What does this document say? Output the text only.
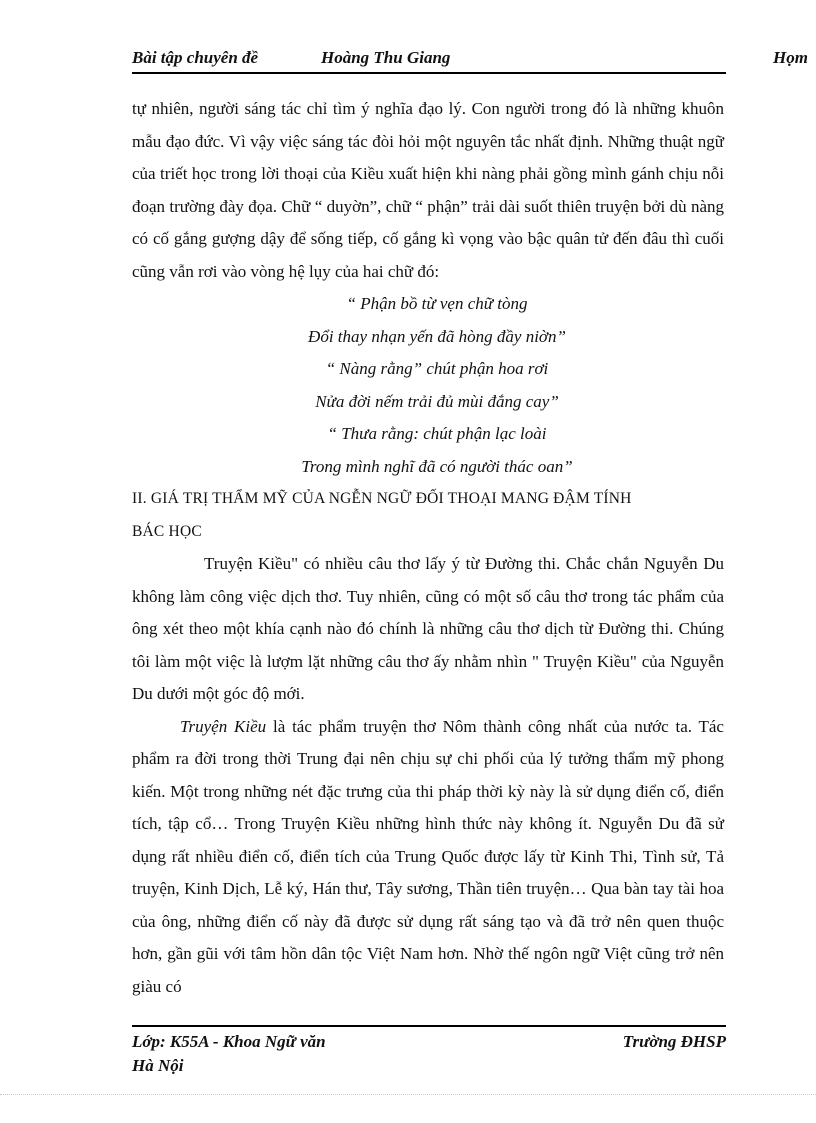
Bài tập chuyên đề	Hoàng Thu Giang	Họm

tự nhiên, người sáng tác chỉ tìm ý nghĩa đạo lý. Con người trong đó là những khuôn mẫu đạo đức. Vì vậy việc sáng tác đòi hỏi một nguyên tắc nhất định. Những thuật ngữ của triết học trong lời thoại của Kiều xuất hiện khi nàng phải gồng mình gánh chịu nỗi đoạn trường đày đọa. Chữ “ duyờn”, chữ “ phận” trải dài suốt thiên truyện bởi dù nàng có cố gắng gượng dậy để sống tiếp, cố gắng kì vọng vào bậc quân tử đến đâu thì cuối cũng vẫn rơi vào vòng hệ lụy của hai chữ đó:

“ Phận bồ từ vẹn chữ tòng

Đổi thay nhạn yến đã hòng đầy niờn”

“ Nàng rằng” chút phận hoa rơi

Nửa đời nếm trải đủ mùi đắng cay”

“ Thưa rằng: chút phận lạc loài

Trong mình nghĩ đã có người thác oan”

II. GIÁ TRỊ THẨM MỸ CỦA NGỄN NGỮ ĐỐI THOẠI MANG ĐẬM TÍNH
BÁC HỌC

Truyện Kiều" có nhiều câu thơ lấy ý từ Đường thi. Chắc chắn Nguyễn Du không làm công việc dịch thơ. Tuy nhiên, cũng có một số câu thơ trong tác phẩm của ông xét theo một khía cạnh nào đó chính là những câu thơ dịch từ Đường thi. Chúng tôi làm một việc là lượm lặt những câu thơ ấy nhằm nhìn " Truyện Kiều" của Nguyễn Du dưới một góc độ mới.

Truyện Kiều là tác phẩm truyện thơ Nôm thành công nhất của nước ta. Tác phẩm ra đời trong thời Trung đại nên chịu sự chi phối của lý tưởng thẩm mỹ phong kiến. Một trong những nét đặc trưng của thi pháp thời kỳ này là sử dụng điển cố, điển tích, tập cổ… Trong Truyện Kiều những hình thức này không ít. Nguyễn Du đã sử dụng rất nhiều điển cố, điển tích của Trung Quốc được lấy từ Kinh Thi, Tình sử, Tả truyện, Kinh Dịch, Lễ ký, Hán thư, Tây sương, Thần tiên truyện… Qua bàn tay tài hoa của ông, những điển cố này đã được sử dụng rất sáng tạo và đã trở nên quen thuộc hơn, gần gũi với tâm hồn dân tộc Việt Nam hơn. Nhờ thế ngôn ngữ Việt cũng trở nên giàu có

Lớp: K55A - Khoa Ngữ văn	Trường ĐHSP
Hà Nội
